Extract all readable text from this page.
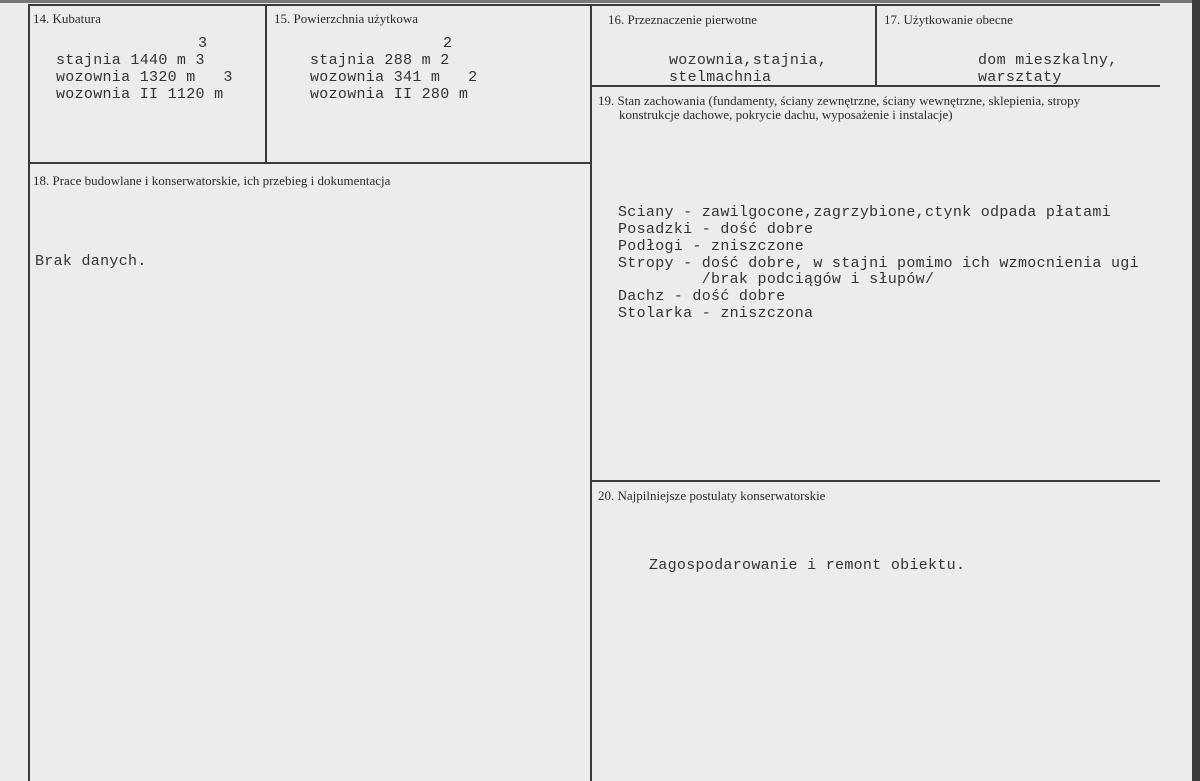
14. Kubatura
3
stajnia 1440 m 3
wozownia 1320 m   3
wozownia II 1120 m
15. Powierzchnia użytkowa
2
stajnia 288 m 2
wozownia 341 m   2
wozownia II 280 m
16. Przeznaczenie pierwotne
wozownia,stajnia,
stelmachnia
17. Użytkowanie obecne
dom mieszkalny,
warsztaty
18. Prace budowlane i konserwatorskie, ich przebieg i dokumentacja
Brak danych.
19. Stan zachowania (fundamenty, ściany zewnętrzne, ściany wewnętrzne, sklepienia, stropy
konstrukcje dachowe, pokrycie dachu, wyposażenie i instalacje)
Sciany - zawilgocone,zagrzybione,ctynk odpada płatami
Posadzki - dość dobre
Podłogi - zniszczone
Stropy - dość dobre, w stajni pomimo ich wzmocnienia ugi
/brak podciągów i słupów/
Dachz - dość dobre
Stolarka - zniszczona
20. Najpilniejsze postulaty konserwatorskie
Zagospodarowanie i remont obiektu.
